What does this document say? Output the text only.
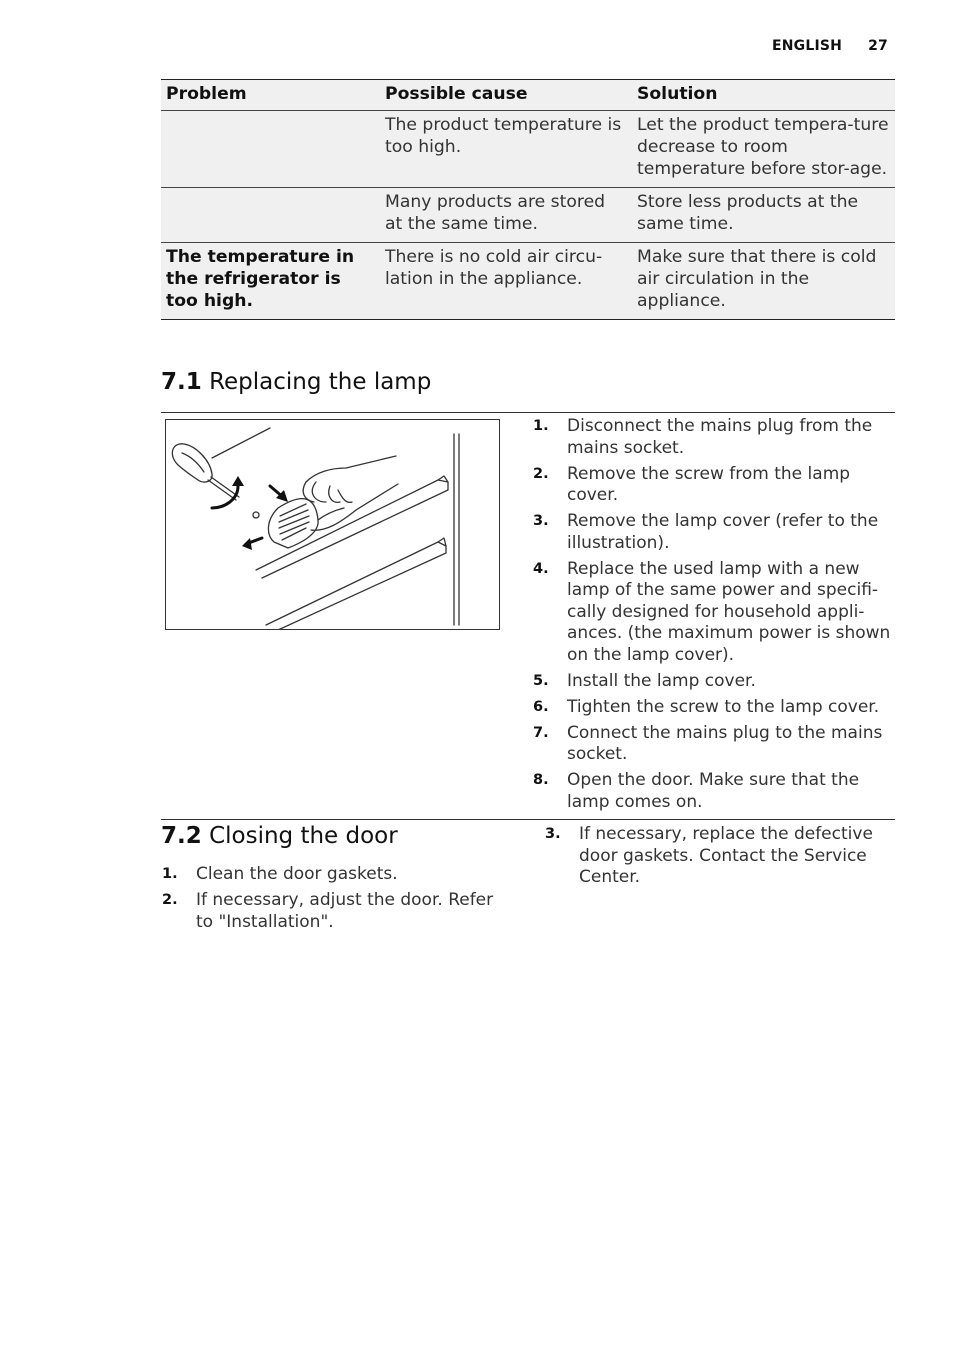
ENGLISH 27
Problem	Possible cause	Solution
	The product temperature is too high.	Let the product tempera-ture decrease to room temperature before stor-age.
	Many products are stored at the same time.	Store less products at the same time.
The temperature in the refrigerator is too high.	There is no cold air circu-lation in the appliance.	Make sure that there is cold air circulation in the appliance.
7.1 Replacing the lamp
1. Disconnect the mains plug from the mains socket.
2. Remove the screw from the lamp cover.
3. Remove the lamp cover (refer to the illustration).
4. Replace the used lamp with a new lamp of the same power and specifi-cally designed for household appli-ances. (the maximum power is shown on the lamp cover).
5. Install the lamp cover.
6. Tighten the screw to the lamp cover.
7. Connect the mains plug to the mains socket.
8. Open the door. Make sure that the lamp comes on.
7.2 Closing the door
1. Clean the door gaskets.
2. If necessary, adjust the door. Refer to "Installation".
3. If necessary, replace the defective door gaskets. Contact the Service Center.
